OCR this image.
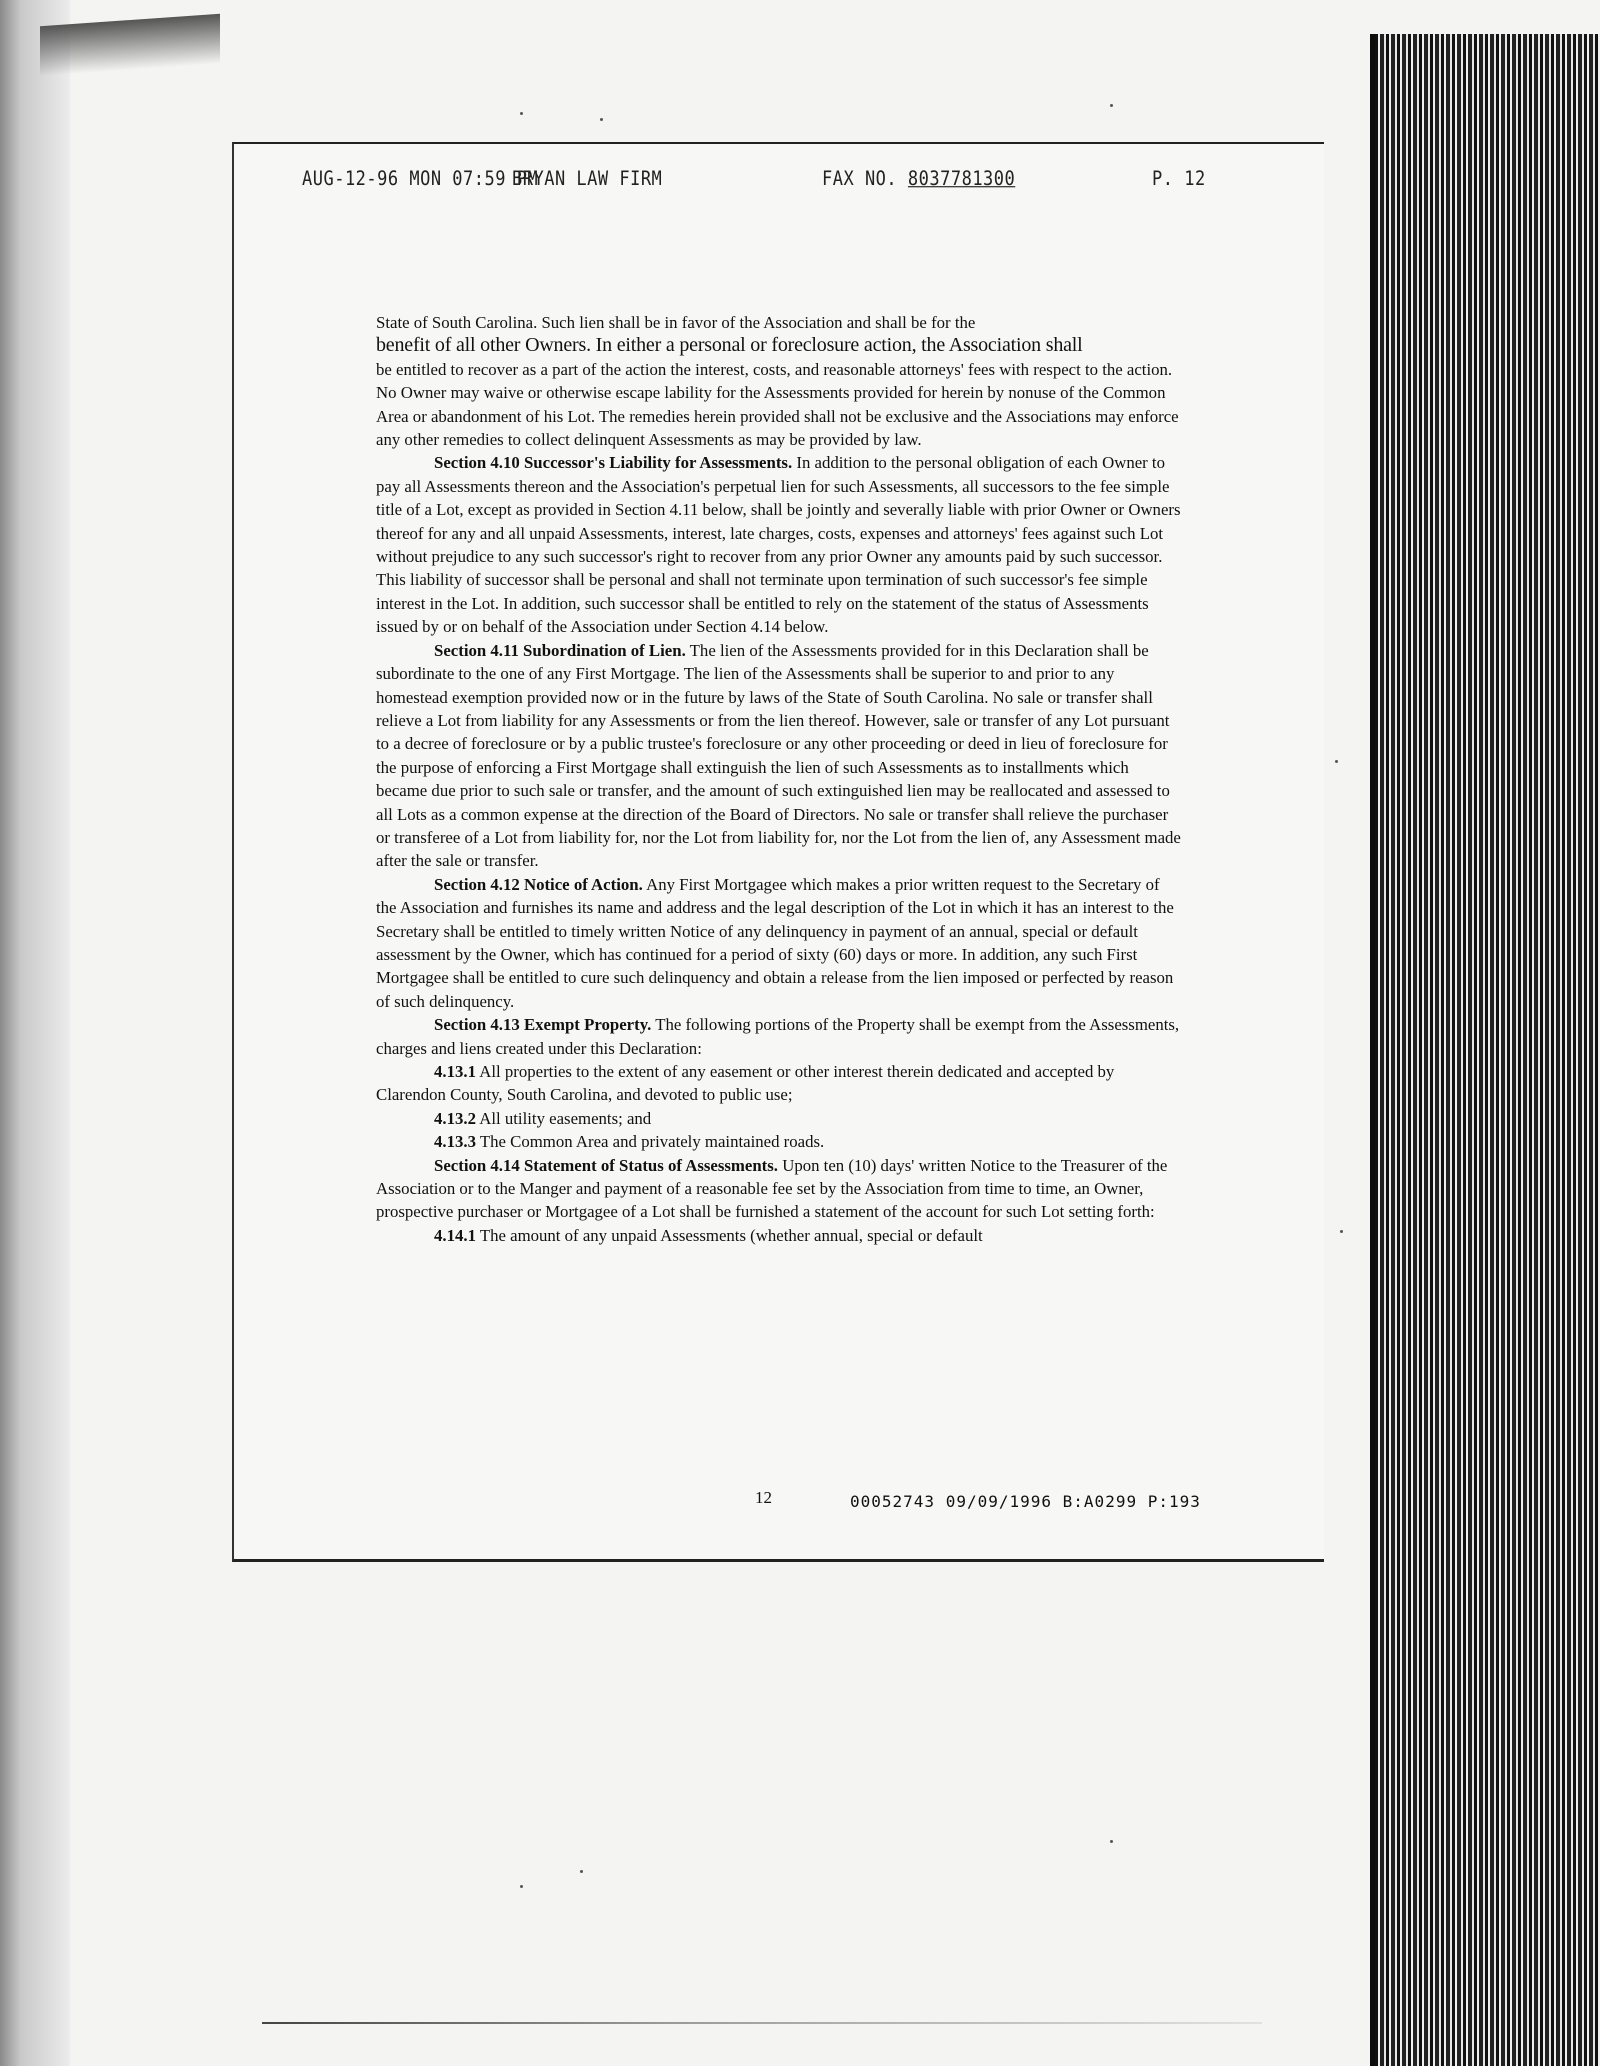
AUG-12-96 MON 07:59 PM
BRYAN LAW FIRM	FAX NO. 8037781300	P. 12

State of South Carolina. Such lien shall be in favor of the Association and shall be for the
benefit of all other Owners. In either a personal or foreclosure action, the Association shall
be entitled to recover as a part of the action the interest, costs, and reasonable attorneys' fees with respect to the action. No Owner may waive or otherwise escape lability for the Assessments provided for herein by nonuse of the Common Area or abandonment of his Lot. The remedies herein provided shall not be exclusive and the Associations may enforce any other remedies to collect delinquent Assessments as may be provided by law.

Section 4.10 Successor's Liability for Assessments. In addition to the personal obligation of each Owner to pay all Assessments thereon and the Association's perpetual lien for such Assessments, all successors to the fee simple title of a Lot, except as provided in Section 4.11 below, shall be jointly and severally liable with prior Owner or Owners thereof for any and all unpaid Assessments, interest, late charges, costs, expenses and attorneys' fees against such Lot without prejudice to any such successor's right to recover from any prior Owner any amounts paid by such successor. This liability of successor shall be personal and shall not terminate upon termination of such successor's fee simple interest in the Lot. In addition, such successor shall be entitled to rely on the statement of the status of Assessments issued by or on behalf of the Association under Section 4.14 below.

Section 4.11 Subordination of Lien. The lien of the Assessments provided for in this Declaration shall be subordinate to the one of any First Mortgage. The lien of the Assessments shall be superior to and prior to any homestead exemption provided now or in the future by laws of the State of South Carolina. No sale or transfer shall relieve a Lot from liability for any Assessments or from the lien thereof. However, sale or transfer of any Lot pursuant to a decree of foreclosure or by a public trustee's foreclosure or any other proceeding or deed in lieu of foreclosure for the purpose of enforcing a First Mortgage shall extinguish the lien of such Assessments as to installments which became due prior to such sale or transfer, and the amount of such extinguished lien may be reallocated and assessed to all Lots as a common expense at the direction of the Board of Directors. No sale or transfer shall relieve the purchaser or transferee of a Lot from liability for, nor the Lot from liability for, nor the Lot from the lien of, any Assessment made after the sale or transfer.

Section 4.12 Notice of Action. Any First Mortgagee which makes a prior written request to the Secretary of the Association and furnishes its name and address and the legal description of the Lot in which it has an interest to the Secretary shall be entitled to timely written Notice of any delinquency in payment of an annual, special or default assessment by the Owner, which has continued for a period of sixty (60) days or more. In addition, any such First Mortgagee shall be entitled to cure such delinquency and obtain a release from the lien imposed or perfected by reason of such delinquency.

Section 4.13 Exempt Property. The following portions of the Property shall be exempt from the Assessments, charges and liens created under this Declaration:

4.13.1 All properties to the extent of any easement or other interest therein dedicated and accepted by Clarendon County, South Carolina, and devoted to public use;

4.13.2 All utility easements; and

4.13.3 The Common Area and privately maintained roads.

Section 4.14 Statement of Status of Assessments. Upon ten (10) days' written Notice to the Treasurer of the Association or to the Manger and payment of a reasonable fee set by the Association from time to time, an Owner, prospective purchaser or Mortgagee of a Lot shall be furnished a statement of the account for such Lot setting forth:

4.14.1 The amount of any unpaid Assessments (whether annual, special or default

12	00052743 09/09/1996 B:A0299 P:193
